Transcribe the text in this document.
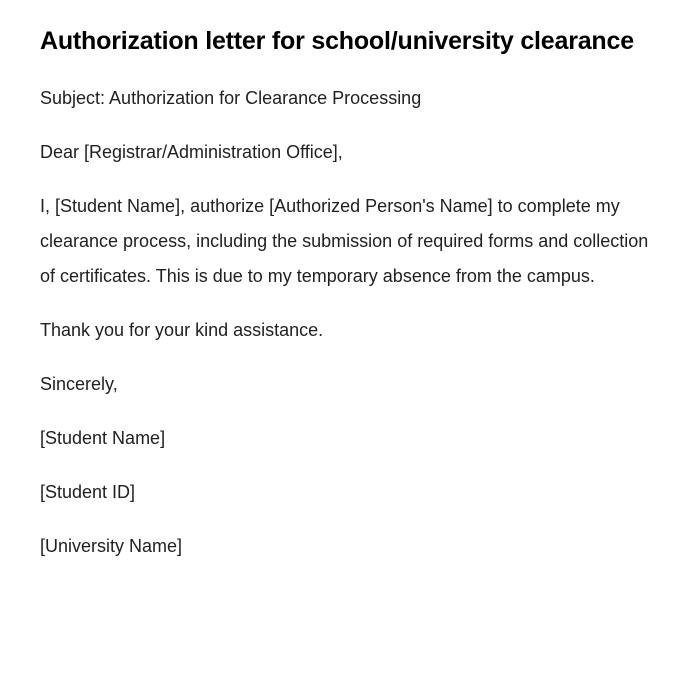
Authorization letter for school/university clearance

Subject: Authorization for Clearance Processing

Dear [Registrar/Administration Office],

I, [Student Name], authorize [Authorized Person's Name] to complete my clearance process, including the submission of required forms and collection of certificates. This is due to my temporary absence from the campus.

Thank you for your kind assistance.

Sincerely,

[Student Name]

[Student ID]

[University Name]
